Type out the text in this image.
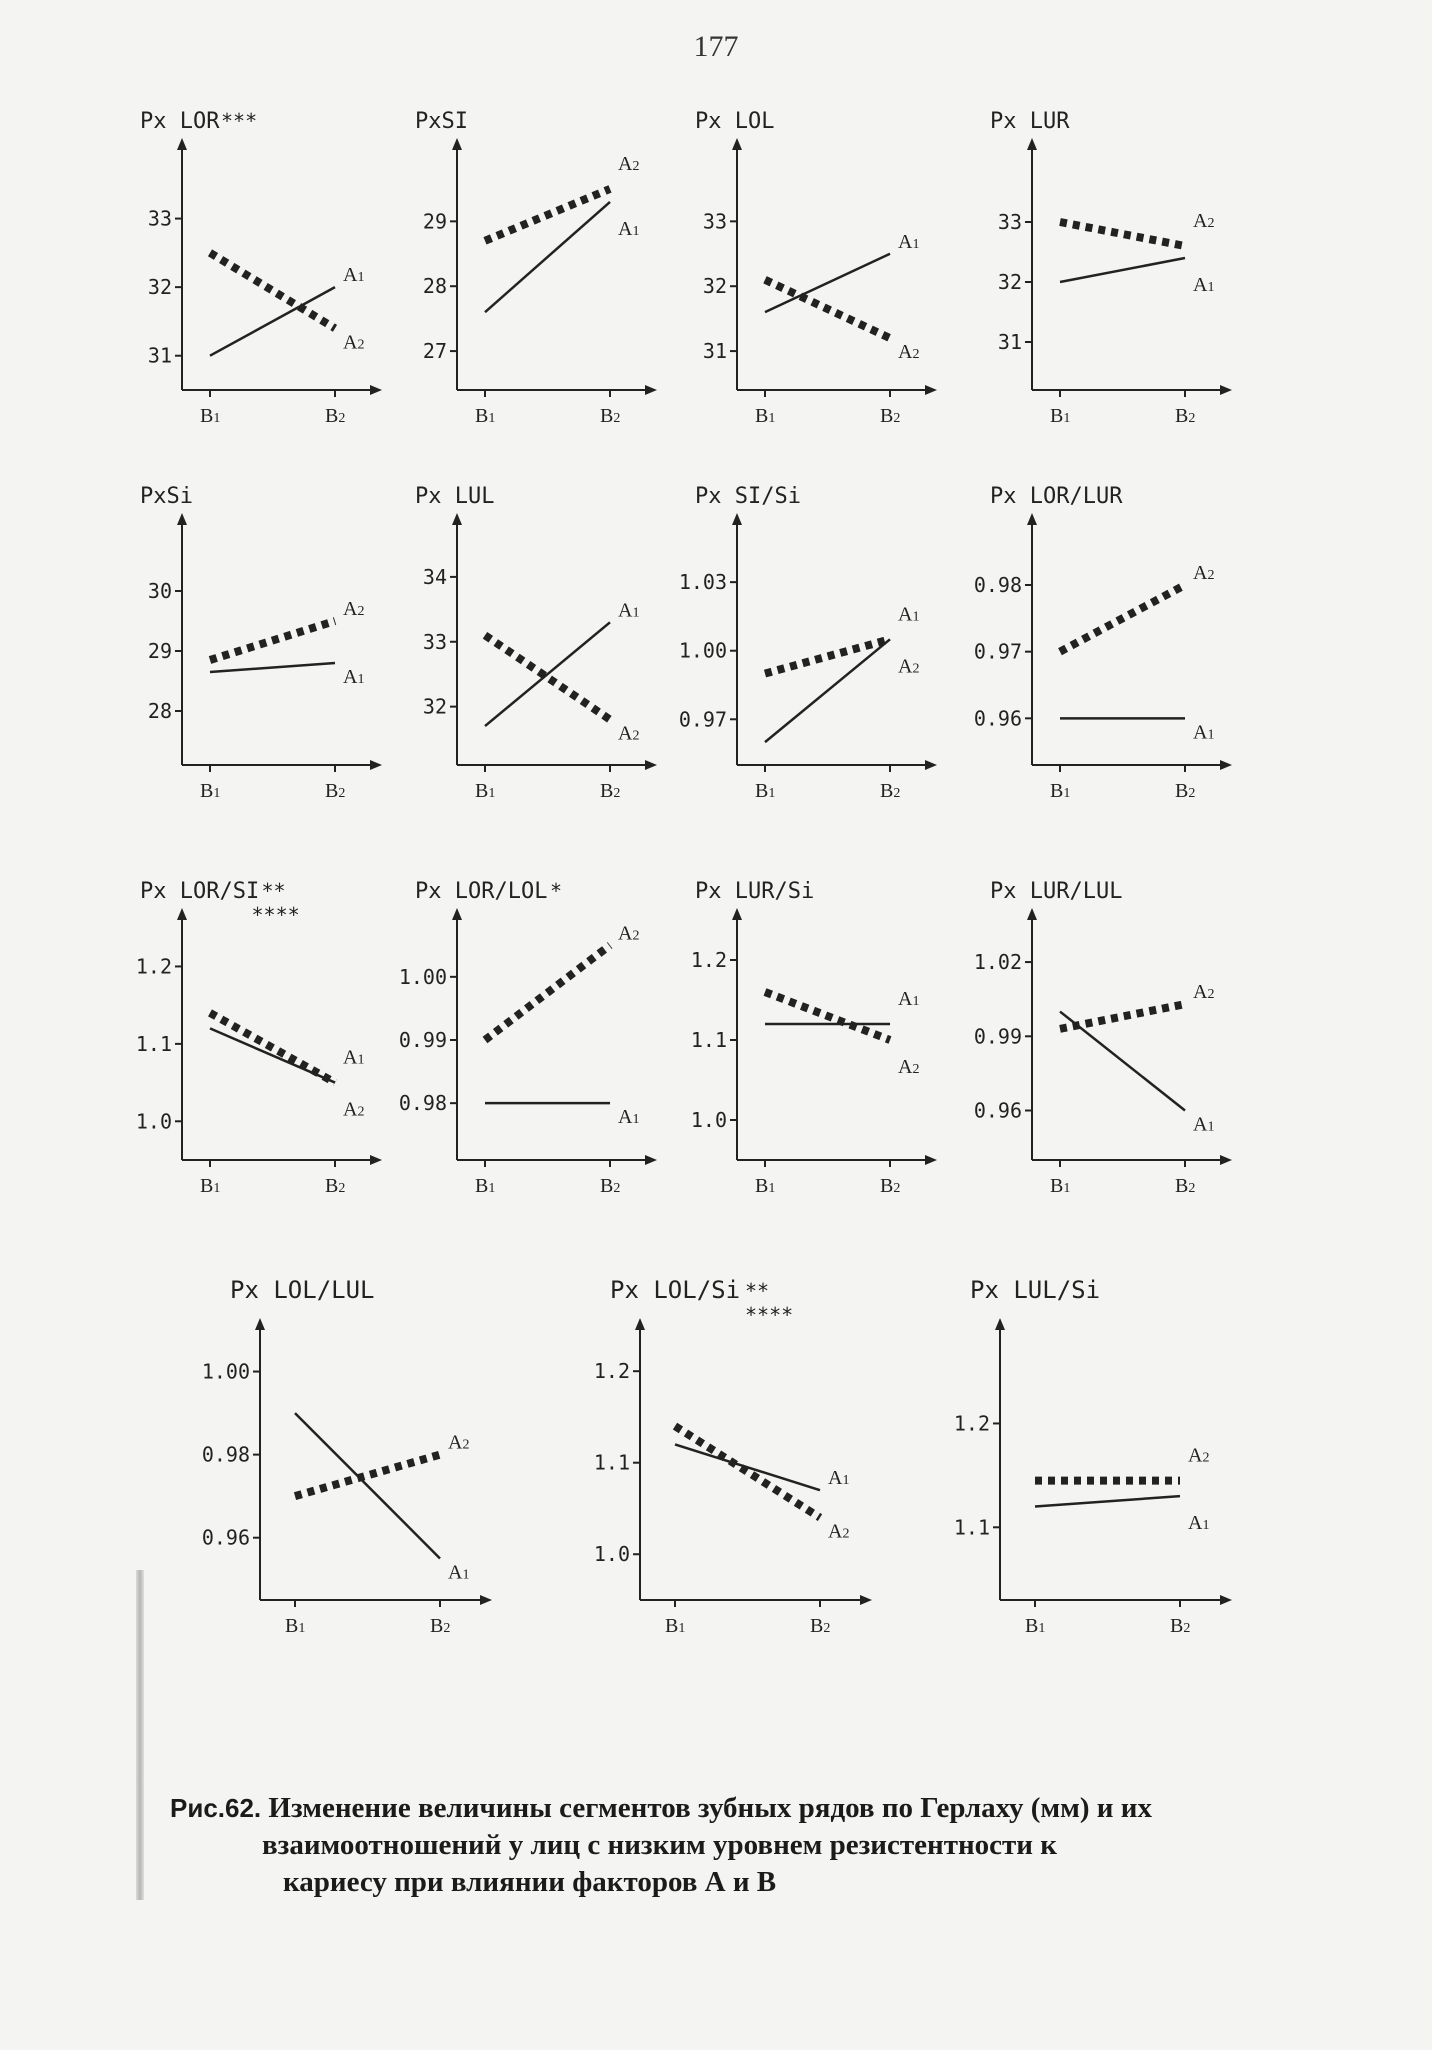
177
Px LOR ***
31
32
33
B1	B2
A1
A2
PxSI
27
28
29
B1	B2
A1
A2
Px LOL
31
32
33
B1	B2
A1
A2
Px LUR
31
32
33
B1	B2
A1
A2
PxSi
28
29
30
B1	B2
A1
A2
Px LUL
32
33
34
B1	B2
A1
A2
Px SI/Si
0.97
1.00
1.03
B1	B2
A1
A2
Px LOR/LUR
0.96
0.97
0.98
B1	B2
A1
A2
Px LOR/SI **
****
1.0
1.1
1.2
B1	B2
A1
A2
Px LOR/LOL *
0.98
0.99
1.00
B1	B2
A1
A2
Px LUR/Si
1.0
1.1
1.2
B1	B2
A1
A2
Px LUR/LUL
0.96
0.99
1.02
B1	B2
A1
A2
Px LOL/LUL
0.96
0.98
1.00
B1	B2
A1
A2
Px LOL/Si **
****
1.0
1.1
1.2
B1	B2
A1
A2
Px LUL/Si
1.1
1.2
B1	B2
A1
A2
Рис.62. Изменение величины сегментов зубных рядов по Герлаху (мм) и их
взаимоотношений у лиц с низким уровнем резистентности к
кариесу при влиянии факторов А и В
